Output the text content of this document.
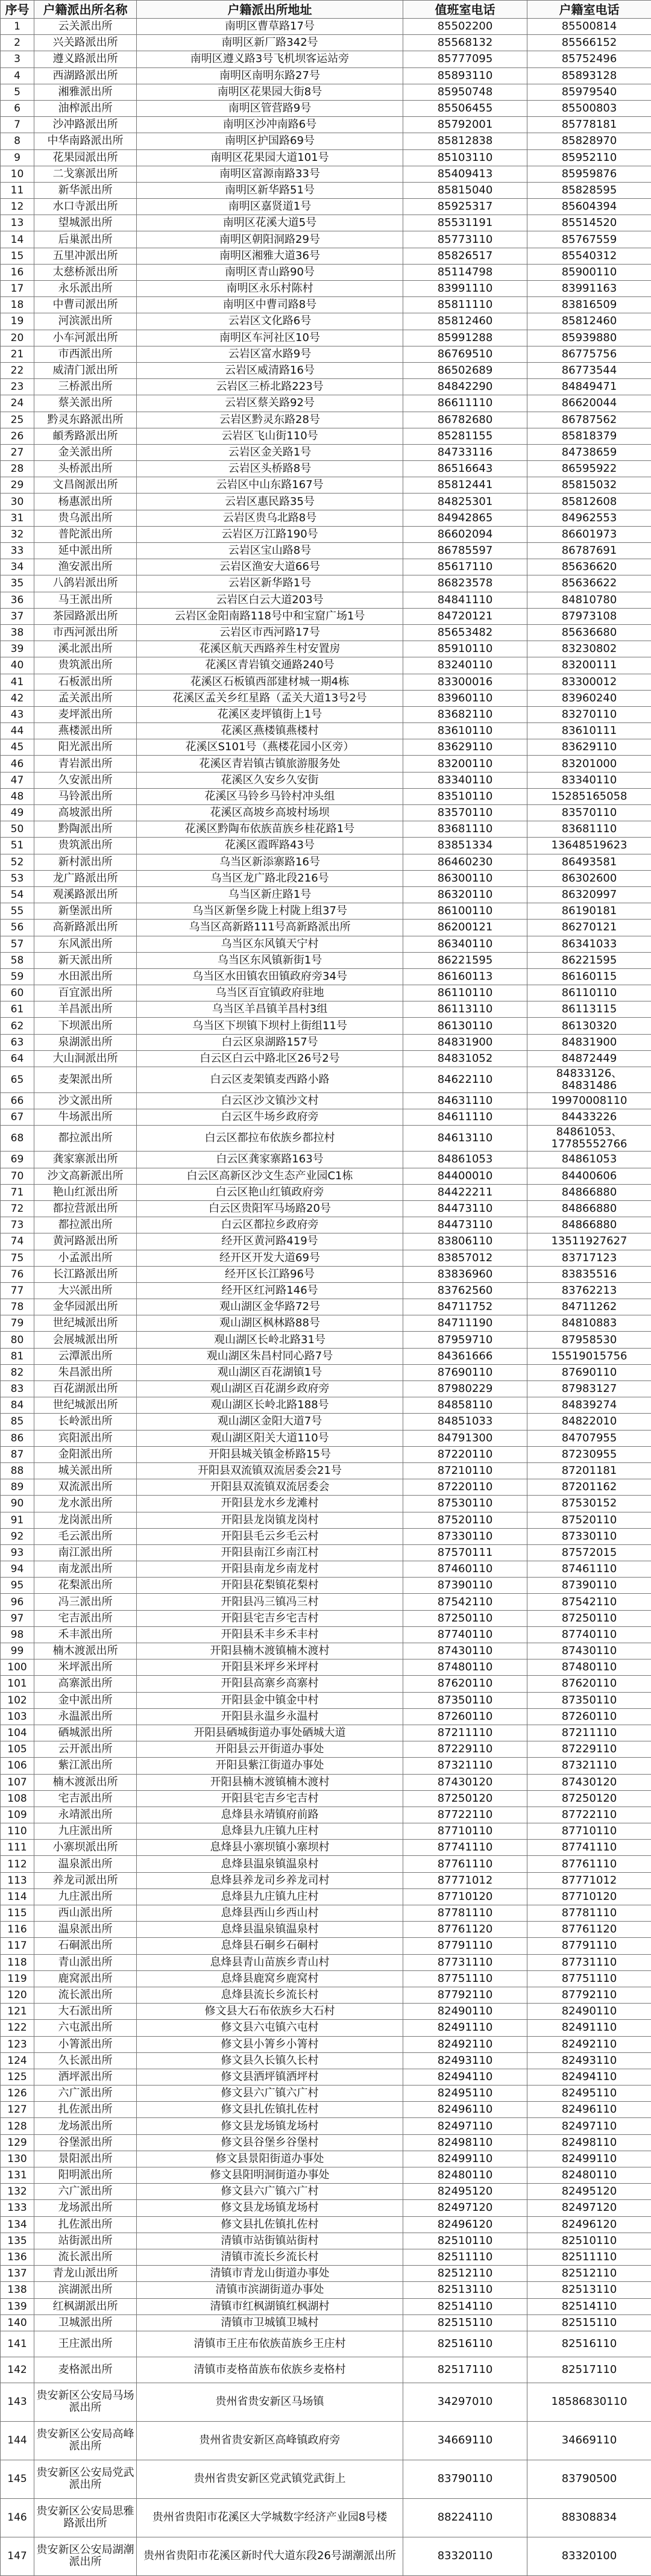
序号	户籍派出所名称	户籍派出所地址	值班室电话	户籍室电话
1	云关派出所	南明区曹草路17号	85502200	85500814
2	兴关路派出所	南明区新厂路342号	85568132	85566152
3	遵义路派出所	南明区遵义路3号飞机坝客运站旁	85777095	85752496
4	西湖路派出所	南明区南明东路27号	85893110	85893128
5	湘雅派出所	南明区花果园大街8号	85950748	85979540
6	油榨派出所	南明区管营路9号	85506455	85500803
7	沙冲路派出所	南明区沙冲南路6号	85792001	85778181
8	中华南路派出所	南明区护国路69号	85812838	85828970
9	花果园派出所	南明区花果园大道101号	85103110	85952110
10	二戈寨派出所	南明区富源南路33号	85409413	85959876
11	新华派出所	南明区新华路51号	85815040	85828595
12	水口寺派出所	南明区嘉贤道1号	85925317	85604394
13	望城派出所	南明区花溪大道5号	85531191	85514520
14	后巢派出所	南明区朝阳洞路29号	85773110	85767559
15	五里冲派出所	南明区湘雅大道36号	85826517	85540312
16	太慈桥派出所	南明区青山路90号	85114798	85900110
17	永乐派出所	南明区永乐村陈村	83991110	83991163
18	中曹司派出所	南明区中曹司路8号	85811110	83816509
19	河滨派出所	云岩区文化路6号	85812460	85812460
20	小车河派出所	南明区车河社区10号	85991288	85939880
21	市西派出所	云岩区富水路9号	86769510	86775756
22	威清门派出所	云岩区威清路16号	86502689	86773544
23	三桥派出所	云岩区三桥北路223号	84842290	84849471
24	蔡关派出所	云岩区蔡关路92号	86611110	86620044
25	黔灵东路派出所	云岩区黔灵东路28号	86782680	86787562
26	頔秀路派出所	云岩区飞山街110号	85281155	85818379
27	金关派出所	云岩区金关路1号	84733116	84738659
28	头桥派出所	云岩区头桥路8号	86516643	86595922
29	文昌阁派出所	云岩区中山东路167号	85812441	85815032
30	杨惠派出所	云岩区惠民路35号	84825301	85812608
31	贵乌派出所	云岩区贵乌北路8号	84942865	84962553
32	普陀派出所	云岩区万江路190号	86602094	86601973
33	延中派出所	云岩区宝山路8号	86785597	86787691
34	渔安派出所	云岩区渔安大道66号	85617110	85636620
35	八鸽岩派出所	云岩区新华路1号	86823578	85636622
36	马王派出所	云岩区白云大道203号	84841110	84810780
37	茶园路派出所	云岩区金阳南路118号中和宝窟广场1号	84720121	87973108
38	市西河派出所	云岩区市西河路17号	85653482	85636680
39	溪北派出所	花溪区航天西路养生村安置房	85910110	83230802
40	贵筑派出所	花溪区青岩镇交通路240号	83240110	83200111
41	石板派出所	花溪区石板镇西部建材城一期4栋	83300016	83300012
42	孟关派出所	花溪区孟关乡红星路（孟关大道13号2号	83960110	83960240
43	麦坪派出所	花溪区麦坪镇街上1号	83682110	83270110
44	燕楼派出所	花溪区燕楼镇燕楼村	83610110	83610111
45	阳光派出所	花溪区S101号（燕楼花园小区旁）	83629110	83629110
46	青岩派出所	花溪区青岩镇古镇旅游服务处	83200110	83201000
47	久安派出所	花溪区久安乡久安街	83340110	83340110
48	马铃派出所	花溪区马铃乡马铃村冲头组	83510110	15285165058
49	高坡派出所	花溪区高坡乡高坡村场坝	83570110	83570110
50	黔陶派出所	花溪区黔陶布依族苗族乡桂花路1号	83681110	83681110
51	贵筑派出所	花溪区霞晖路43号	83851334	13648519623
52	新村派出所	乌当区新添寨路16号	86460230	86493581
53	龙广路派出所	乌当区龙广路北段216号	86300110	86302600
54	观溪路派出所	乌当区新庄路1号	86320110	86320997
55	新堡派出所	乌当区新堡乡陇上村陇上组37号	86100110	86190181
56	高新路派出所	乌当区高新路111号高新路派出所	86200121	86270121
57	东风派出所	乌当区东风镇天宁村	86340110	86341033
58	新天派出所	乌当区东风镇新街1号	86221595	86221595
59	水田派出所	乌当区水田镇农田镇政府旁34号	86160113	86160115
60	百宜派出所	乌当区百宜镇政府驻地	86110110	86110110
61	羊昌派出所	乌当区羊昌镇羊昌村3组	86113110	86113115
62	下坝派出所	乌当区下坝镇下坝村上街组11号	86130110	86130320
63	泉湖派出所	白云区泉湖路157号	84831900	84831900
64	大山洞派出所	白云区白云中路北区26号2号	84831052	84872449
65	麦架派出所	白云区麦架镇麦西路小路	84622110	84833126、84831486
66	沙文派出所	白云区沙文镇沙文村	84631110	19970008110
67	牛场派出所	白云区牛场乡政府旁	84611110	84433226
68	都拉派出所	白云区都拉布依族乡都拉村	84613110	84861053、17785552766
69	龚家寨派出所	白云区龚家寨路163号	84861053	84861053
70	沙文高新派出所	白云区高新区沙文生态产业园C1栋	84400010	84400606
71	艳山红派出所	白云区艳山红镇政府旁	84422211	84866880
72	都拉营派出所	白云区贵阳军马场路20号	84473110	84866880
73	都拉派出所	白云区都拉乡政府旁	84473110	84866880
74	黄河路派出所	经开区黄河路419号	83806110	13511927627
75	小孟派出所	经开区开发大道69号	83857012	83717123
76	长江路派出所	经开区长江路96号	83836960	83835516
77	大兴派出所	经开区红河路146号	83762560	83762213
78	金华园派出所	观山湖区金华路72号	84711752	84711262
79	世纪城派出所	观山湖区枫林路88号	84711190	84810883
80	会展城派出所	观山湖区长岭北路31号	87959710	87958530
81	云潭派出所	观山湖区朱昌村同心路7号	84361666	15519015756
82	朱昌派出所	观山湖区百花湖镇1号	87690110	87690110
83	百花湖派出所	观山湖区百花湖乡政府旁	87980229	87983127
84	世纪城派出所	观山湖区长岭北路188号	84858110	84839274
85	长岭派出所	观山湖区金阳大道7号	84851033	84822010
86	宾阳派出所	观山湖区阳关大道110号	84791300	84707955
87	金阳派出所	开阳县城关镇金桥路15号	87220110	87230955
88	城关派出所	开阳县双流镇双流居委会21号	87210110	87201181
89	双流派出所	开阳县双流镇双流居委会	87220110	87201162
90	龙水派出所	开阳县龙水乡龙滩村	87530110	87530152
91	龙岗派出所	开阳县龙岗镇龙岗村	87520110	87520110
92	毛云派出所	开阳县毛云乡毛云村	87330110	87330110
93	南江派出所	开阳县南江乡南江村	87570111	87572015
94	南龙派出所	开阳县南龙乡南龙村	87460110	87461110
95	花梨派出所	开阳县花梨镇花梨村	87390110	87390110
96	冯三派出所	开阳县冯三镇冯三村	87542110	87542110
97	宅吉派出所	开阳县宅吉乡宅吉村	87250110	87250110
98	禾丰派出所	开阳县禾丰乡禾丰村	87740110	87740110
99	楠木渡派出所	开阳县楠木渡镇楠木渡村	87430110	87430110
100	米坪派出所	开阳县米坪乡米坪村	87480110	87480110
101	高寨派出所	开阳县高寨乡高寨村	87620110	87620110
102	金中派出所	开阳县金中镇金中村	87350110	87350110
103	永温派出所	开阳县永温乡永温村	87260110	87260110
104	硒城派出所	开阳县硒城街道办事处硒城大道	87211110	87211110
105	云开派出所	开阳县云开街道办事处	87229110	87229110
106	紫江派出所	开阳县紫江街道办事处	87321110	87321110
107	楠木渡派出所	开阳县楠木渡镇楠木渡村	87430120	87430120
108	宅吉派出所	开阳县宅吉乡宅吉村	87250120	87250120
109	永靖派出所	息烽县永靖镇府前路	87722110	87722110
110	九庄派出所	息烽县九庄镇九庄村	87710110	87710110
111	小寨坝派出所	息烽县小寨坝镇小寨坝村	87741110	87741110
112	温泉派出所	息烽县温泉镇温泉村	87761110	87761110
113	养龙司派出所	息烽县养龙司乡养龙司村	87771012	87771012
114	九庄派出所	息烽县九庄镇九庄村	87710120	87710120
115	西山派出所	息烽县西山乡西山村	87781110	87781110
116	温泉派出所	息烽县温泉镇温泉村	87761120	87761120
117	石硐派出所	息烽县石硐乡石硐村	87791110	87791110
118	青山派出所	息烽县青山苗族乡青山村	87731110	87731110
119	鹿窝派出所	息烽县鹿窝乡鹿窝村	87751110	87751110
120	流长派出所	息烽县流长乡流长村	87792110	87792110
121	大石派出所	修文县大石布依族乡大石村	82490110	82490110
122	六屯派出所	修文县六屯镇六屯村	82491110	82491110
123	小箐派出所	修文县小箐乡小箐村	82492110	82492110
124	久长派出所	修文县久长镇久长村	82493110	82493110
125	洒坪派出所	修文县洒坪镇洒坪村	82494110	82494110
126	六广派出所	修文县六广镇六广村	82495110	82495110
127	扎佐派出所	修文县扎佐镇扎佐村	82496110	82496110
128	龙场派出所	修文县龙场镇龙场村	82497110	82497110
129	谷堡派出所	修文县谷堡乡谷堡村	82498110	82498110
130	景阳派出所	修文县景阳街道办事处	82499110	82499110
131	阳明派出所	修文县阳明洞街道办事处	82480110	82480110
132	六广派出所	修文县六广镇六广村	82495120	82495120
133	龙场派出所	修文县龙场镇龙场村	82497120	82497120
134	扎佐派出所	修文县扎佐镇扎佐村	82496120	82496120
135	站街派出所	清镇市站街镇站街村	82510110	82510110
136	流长派出所	清镇市流长乡流长村	82511110	82511110
137	青龙山派出所	清镇市青龙山街道办事处	82512110	82512110
138	滨湖派出所	清镇市滨湖街道办事处	82513110	82513110
139	红枫湖派出所	清镇市红枫湖镇红枫湖村	82514110	82514110
140	卫城派出所	清镇市卫城镇卫城村	82515110	82515110
141	王庄派出所	清镇市王庄布依族苗族乡王庄村	82516110	82516110
142	麦格派出所	清镇市麦格苗族布依族乡麦格村	82517110	82517110
143	贵安新区公安局马场派出所	贵州省贵安新区马场镇	34297010	18586830110
144	贵安新区公安局高峰派出所	贵州省贵安新区高峰镇政府旁	34669110	34669110
145	贵安新区公安局党武派出所	贵州省贵安新区党武镇党武街上	83790110	83790500
146	贵安新区公安局思雅路派出所	贵州省贵阳市花溪区大学城数字经济产业园8号楼	88224110	88308834
147	贵安新区公安局湖潮派出所	贵州省贵阳市花溪区新时代大道东段26号湖潮派出所	83320110	83320100
